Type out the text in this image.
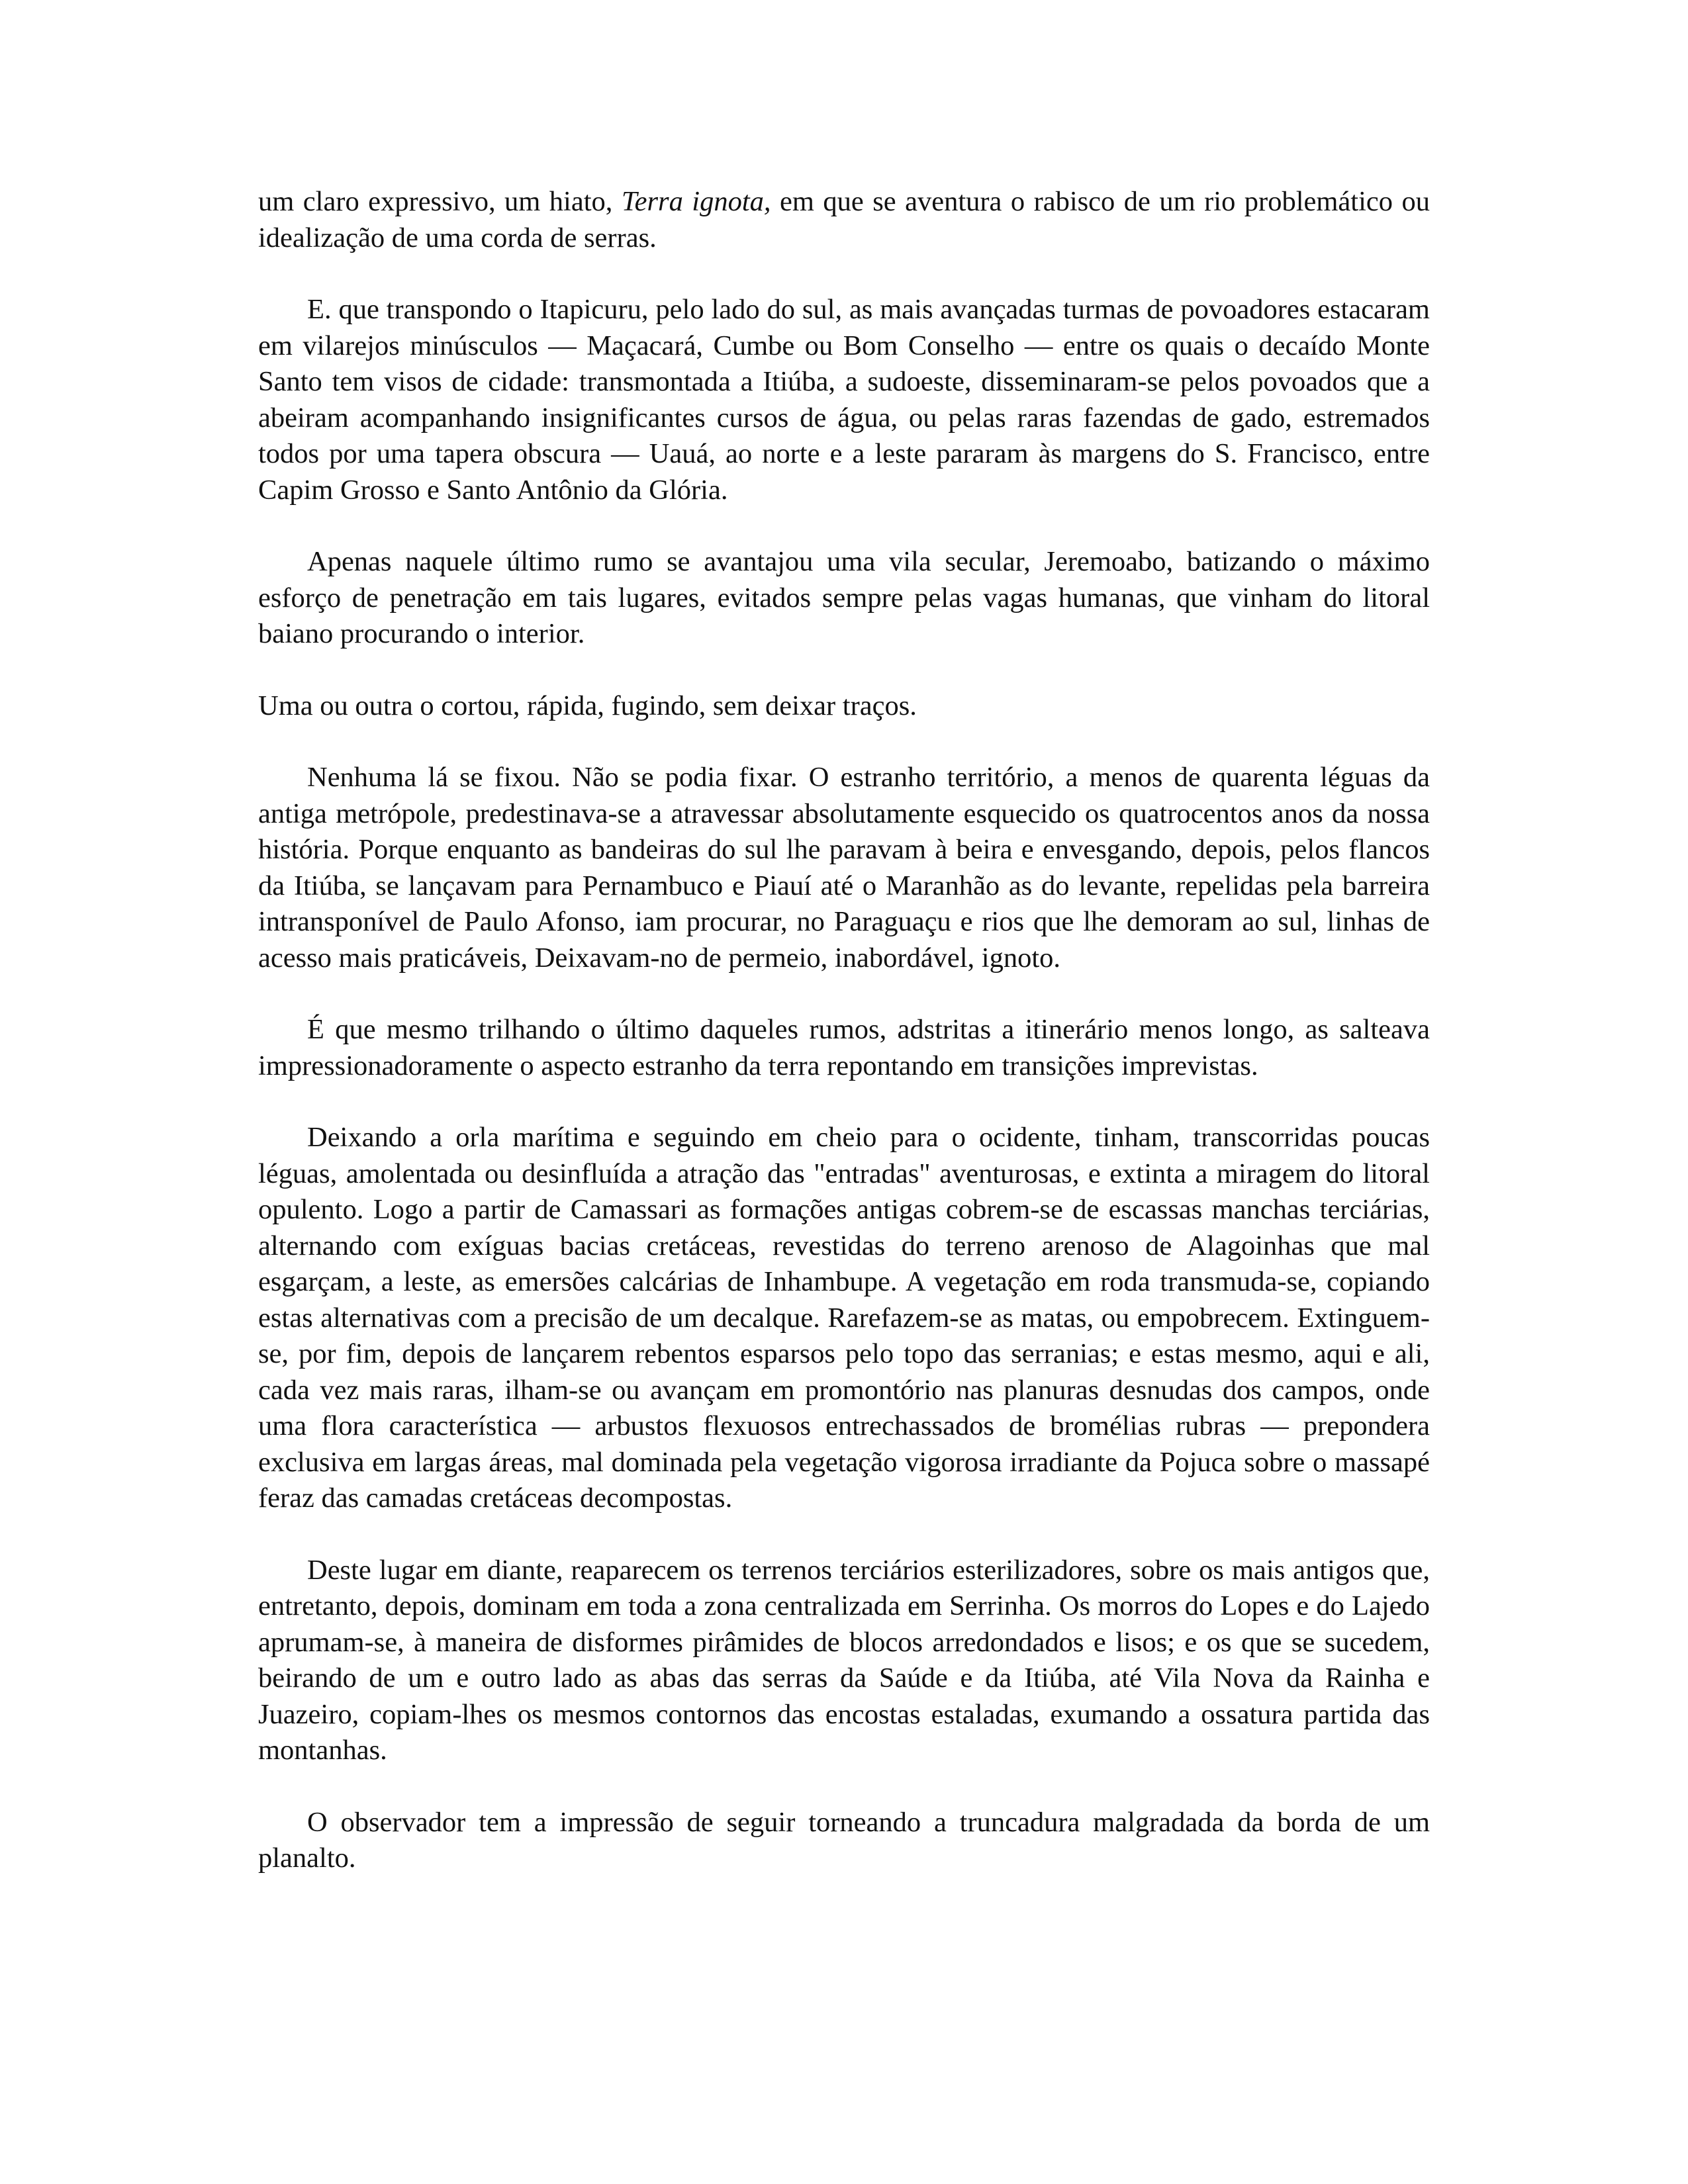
um claro expressivo, um hiato, Terra ignota, em que se aventura o rabisco de um rio problemático ou idealização de uma corda de serras.

E. que transpondo o Itapicuru, pelo lado do sul, as mais avançadas turmas de povoadores estacaram em vilarejos minúsculos — Maçacará, Cumbe ou Bom Conselho — entre os quais o decaído Monte Santo tem visos de cidade: transmontada a Itiúba, a sudoeste, disseminaram-se pelos povoados que a abeiram acompanhando insignificantes cursos de água, ou pelas raras fazendas de gado, estremados todos por uma tapera obscura — Uauá, ao norte e a leste pararam às margens do S. Francisco, entre Capim Grosso e Santo Antônio da Glória.

Apenas naquele último rumo se avantajou uma vila secular, Jeremoabo, batizando o máximo esforço de penetração em tais lugares, evitados sempre pelas vagas humanas, que vinham do litoral baiano procurando o interior.

Uma ou outra o cortou, rápida, fugindo, sem deixar traços.

Nenhuma lá se fixou. Não se podia fixar. O estranho território, a menos de quarenta léguas da antiga metrópole, predestinava-se a atravessar absolutamente esquecido os quatrocentos anos da nossa história. Porque enquanto as bandeiras do sul lhe paravam à beira e envesgando, depois, pelos flancos da Itiúba, se lançavam para Pernambuco e Piauí até o Maranhão as do levante, repelidas pela barreira intransponível de Paulo Afonso, iam procurar, no Paraguaçu e rios que lhe demoram ao sul, linhas de acesso mais praticáveis, Deixavam-no de permeio, inabordável, ignoto.

É que mesmo trilhando o último daqueles rumos, adstritas a itinerário menos longo, as salteava impressionadoramente o aspecto estranho da terra repontando em transições imprevistas.

Deixando a orla marítima e seguindo em cheio para o ocidente, tinham, transcorridas poucas léguas, amolentada ou desinfluída a atração das "entradas" aventurosas, e extinta a miragem do litoral opulento. Logo a partir de Camassari as formações antigas cobrem-se de escassas manchas terciárias, alternando com exíguas bacias cretáceas, revestidas do terreno arenoso de Alagoinhas que mal esgarçam, a leste, as emersões calcárias de Inhambupe. A vegetação em roda transmuda-se, copiando estas alternativas com a precisão de um decalque. Rarefazem-se as matas, ou empobrecem. Extinguem-se, por fim, depois de lançarem rebentos esparsos pelo topo das serranias; e estas mesmo, aqui e ali, cada vez mais raras, ilham-se ou avançam em promontório nas planuras desnudas dos campos, onde uma flora característica — arbustos flexuosos entrechassados de bromélias rubras — prepondera exclusiva em largas áreas, mal dominada pela vegetação vigorosa irradiante da Pojuca sobre o massapé feraz das camadas cretáceas decompostas.

Deste lugar em diante, reaparecem os terrenos terciários esterilizadores, sobre os mais antigos que, entretanto, depois, dominam em toda a zona centralizada em Serrinha. Os morros do Lopes e do Lajedo aprumam-se, à maneira de disformes pirâmides de blocos arredondados e lisos; e os que se sucedem, beirando de um e outro lado as abas das serras da Saúde e da Itiúba, até Vila Nova da Rainha e Juazeiro, copiam-lhes os mesmos contornos das encostas estaladas, exumando a ossatura partida das montanhas.

O observador tem a impressão de seguir torneando a truncadura malgradada da borda de um planalto.
